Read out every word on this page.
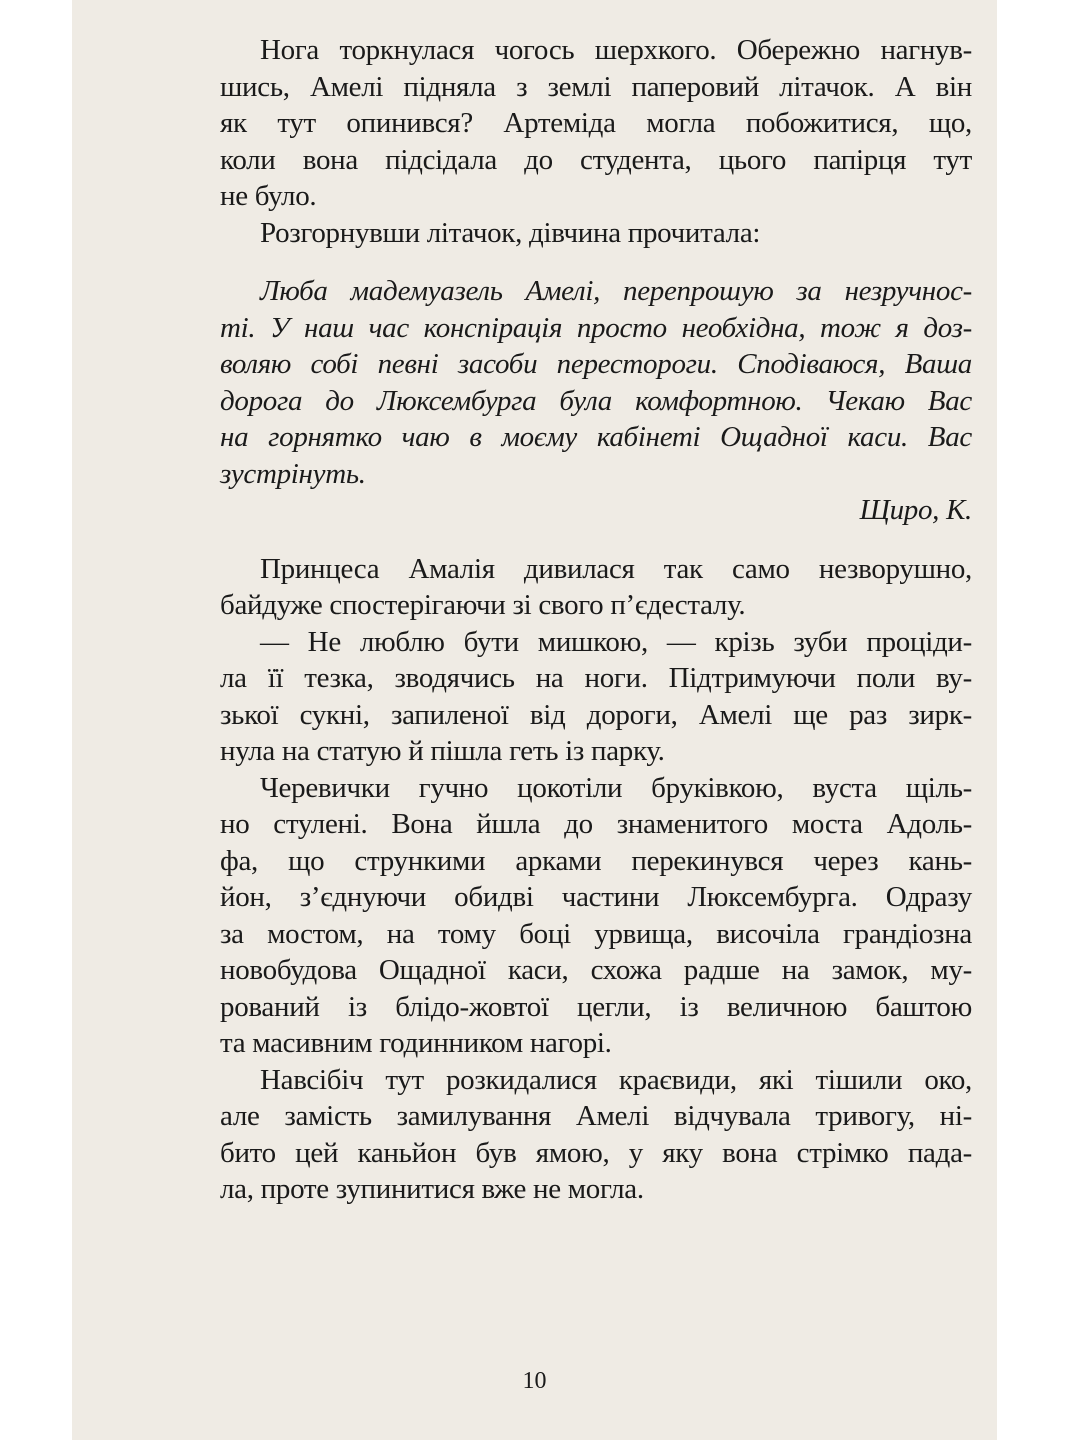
Нога торкнулася чогось шерхкого. Обережно нагнув-
шись, Амелі підняла з землі паперовий літачок. А він
як тут опинився? Артеміда могла побожитися, що,
коли вона підсідала до студента, цього папірця тут
не було.
Розгорнувши літачок, дівчина прочитала:
Люба мадемуазель Амелі, перепрошую за незручнос-
ті. У наш час конспірація просто необхідна, тож я доз-
воляю собі певні засоби перестороги. Сподіваюся, Ваша
дорога до Люксембурга була комфортною. Чекаю Вас
на горнятко чаю в моєму кабінеті Ощадної каси. Вас
зустрінуть.
Щиро, К.
Принцеса Амалія дивилася так само незворушно,
байдуже спостерігаючи зі свого п’єдесталу.
— Не люблю бути мишкою, — крізь зуби проціди-
ла її тезка, зводячись на ноги. Підтримуючи поли ву-
зької сукні, запиленої від дороги, Амелі ще раз зирк-
нула на статую й пішла геть із парку.
Черевички гучно цокотіли бруківкою, вуста щіль-
но стулені. Вона йшла до знаменитого моста Адоль-
фа, що стрункими арками перекинувся через кань-
йон, з’єднуючи обидві частини Люксембурга. Одразу
за мостом, на тому боці урвища, височіла грандіозна
новобудова Ощадної каси, схожа радше на замок, му-
рований із блідо-жовтої цегли, із величною баштою
та масивним годинником нагорі.
Навсібіч тут розкидалися краєвиди, які тішили око,
але замість замилування Амелі відчувала тривогу, ні-
бито цей каньйон був ямою, у яку вона стрімко пада-
ла, проте зупинитися вже не могла.
10
